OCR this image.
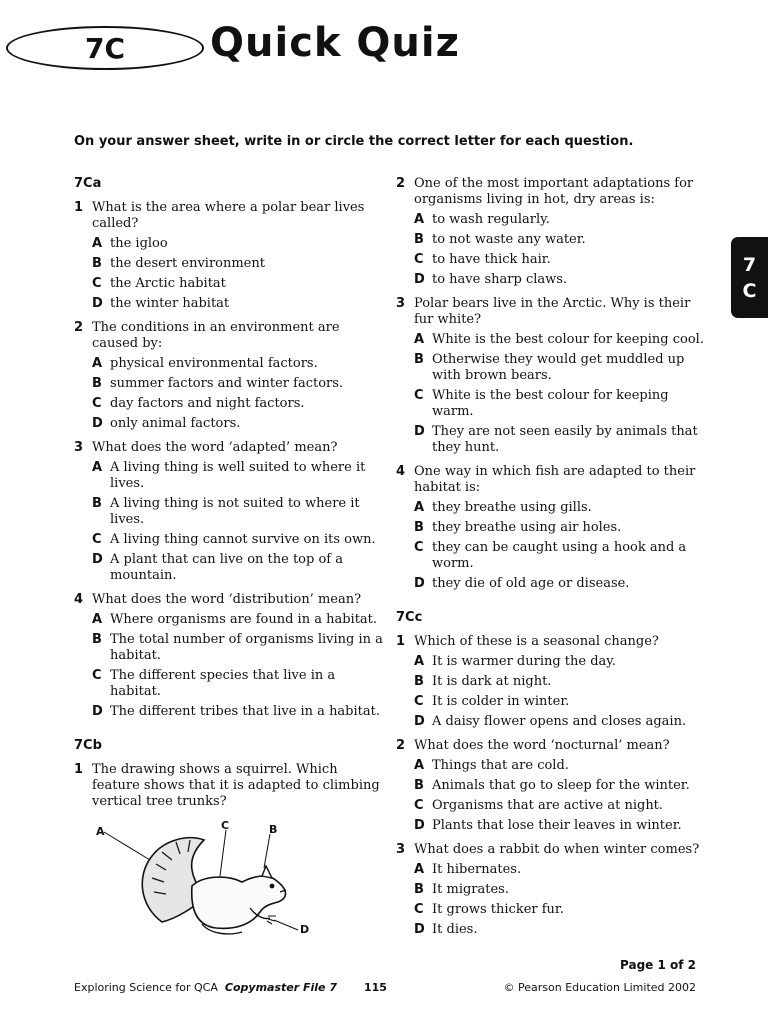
7C Quick Quiz
On your answer sheet, write in or circle the correct letter for each question.
7
C
7Ca
1 What is the area where a polar bear lives called?
A the igloo
B the desert environment
C the Arctic habitat
D the winter habitat
2 The conditions in an environment are caused by:
A physical environmental factors.
B summer factors and winter factors.
C day factors and night factors.
D only animal factors.
3 What does the word ‘adapted’ mean?
A A living thing is well suited to where it lives.
B A living thing is not suited to where it lives.
C A living thing cannot survive on its own.
D A plant that can live on the top of a mountain.
4 What does the word ‘distribution’ mean?
A Where organisms are found in a habitat.
B The total number of organisms living in a habitat.
C The different species that live in a habitat.
D The different tribes that live in a habitat.
7Cb
1 The drawing shows a squirrel. Which feature shows that it is adapted to climbing vertical tree trunks?
A	C	B
D
2 One of the most important adaptations for organisms living in hot, dry areas is:
A to wash regularly.
B to not waste any water.
C to have thick hair.
D to have sharp claws.
3 Polar bears live in the Arctic. Why is their fur white?
A White is the best colour for keeping cool.
B Otherwise they would get muddled up with brown bears.
C White is the best colour for keeping warm.
D They are not seen easily by animals that they hunt.
4 One way in which fish are adapted to their habitat is:
A they breathe using gills.
B they breathe using air holes.
C they can be caught using a hook and a worm.
D they die of old age or disease.
7Cc
1 Which of these is a seasonal change?
A It is warmer during the day.
B It is dark at night.
C It is colder in winter.
D A daisy flower opens and closes again.
2 What does the word ‘nocturnal’ mean?
A Things that are cold.
B Animals that go to sleep for the winter.
C Organisms that are active at night.
D Plants that lose their leaves in winter.
3 What does a rabbit do when winter comes?
A It hibernates.
B It migrates.
C It grows thicker fur.
D It dies.
Page 1 of 2
Exploring Science for QCA Copymaster File 7 115	© Pearson Education Limited 2002
